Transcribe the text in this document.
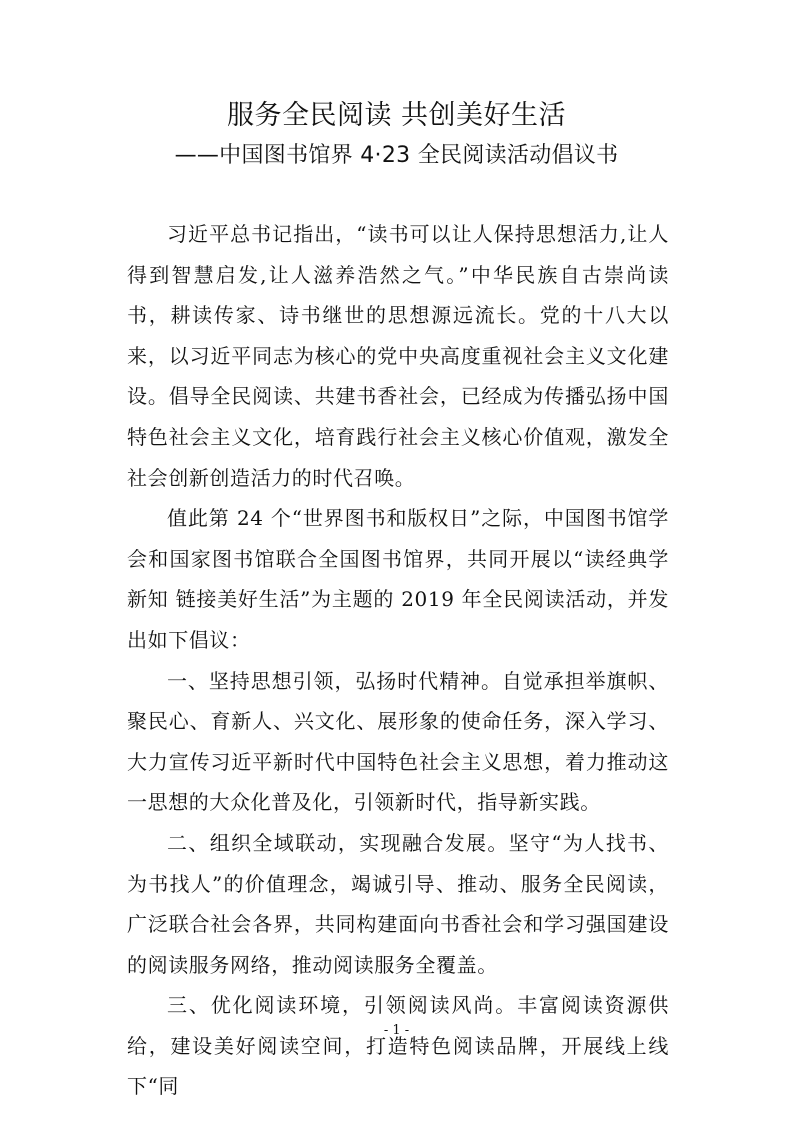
服务全民阅读 共创美好生活
——中国图书馆界 4·23 全民阅读活动倡议书

习近平总书记指出，“读书可以让人保持思想活力,让人得到智慧启发,让人滋养浩然之气。”中华民族自古崇尚读书，耕读传家、诗书继世的思想源远流长。党的十八大以来，以习近平同志为核心的党中央高度重视社会主义文化建设。倡导全民阅读、共建书香社会，已经成为传播弘扬中国特色社会主义文化，培育践行社会主义核心价值观，激发全社会创新创造活力的时代召唤。

值此第 24 个“世界图书和版权日”之际，中国图书馆学会和国家图书馆联合全国图书馆界，共同开展以“读经典学新知 链接美好生活”为主题的 2019 年全民阅读活动，并发出如下倡议：

一、坚持思想引领，弘扬时代精神。自觉承担举旗帜、聚民心、育新人、兴文化、展形象的使命任务，深入学习、大力宣传习近平新时代中国特色社会主义思想，着力推动这一思想的大众化普及化，引领新时代，指导新实践。

二、组织全域联动，实现融合发展。坚守“为人找书、为书找人”的价值理念，竭诚引导、推动、服务全民阅读，广泛联合社会各界，共同构建面向书香社会和学习强国建设的阅读服务网络，推动阅读服务全覆盖。

三、优化阅读环境，引领阅读风尚。丰富阅读资源供给，建设美好阅读空间，打造特色阅读品牌，开展线上线下“同

- 1 -
